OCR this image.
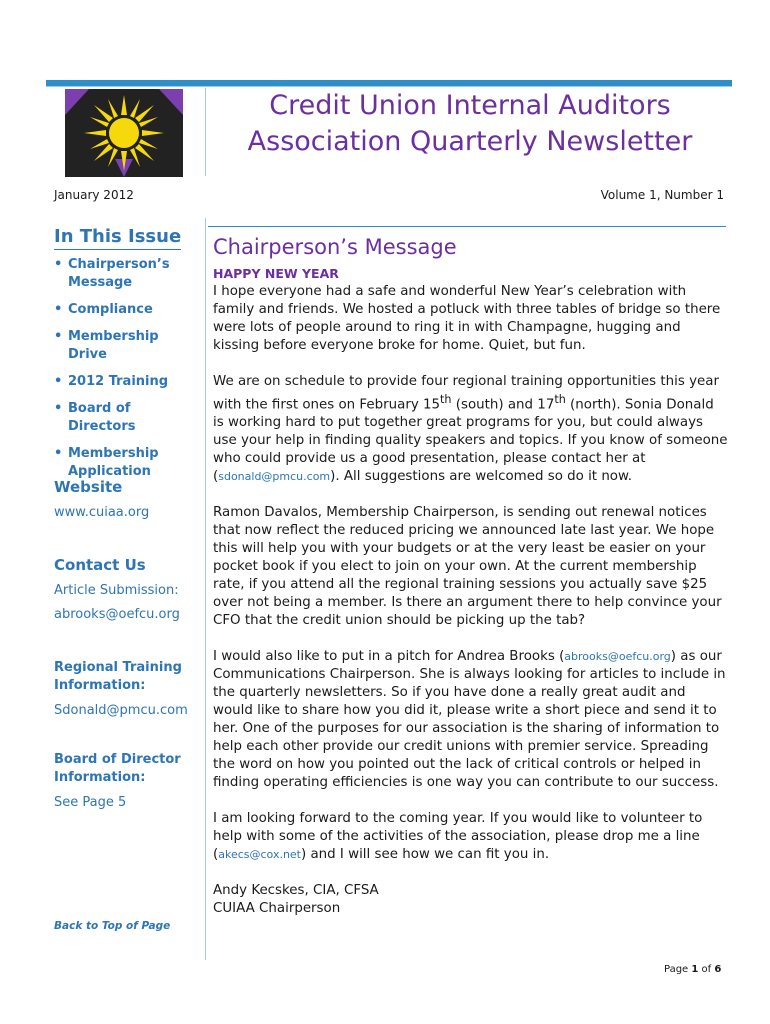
Credit Union Internal Auditors
Association Quarterly Newsletter
January 2012	Volume 1, Number 1
In This Issue
• Chairperson’s Message
• Compliance
• Membership Drive
• 2012 Training
• Board of Directors
• Membership Application
Website

www.cuiaa.org

Contact Us

Article Submission:

abrooks@oefcu.org

Regional Training Information:

Sdonald@pmcu.com

Board of Director Information:

See Page 5

Back to Top of Page
Chairperson’s Message
HAPPY NEW YEAR

I hope everyone had a safe and wonderful New Year’s celebration with family and friends. We hosted a potluck with three tables of bridge so there were lots of people around to ring it in with Champagne, hugging and kissing before everyone broke for home. Quiet, but fun.

We are on schedule to provide four regional training opportunities this year with the first ones on February 15th (south) and 17th (north). Sonia Donald is working hard to put together great programs for you, but could always use your help in finding quality speakers and topics. If you know of someone who could provide us a good presentation, please contact her at (sdonald@pmcu.com). All suggestions are welcomed so do it now.

Ramon Davalos, Membership Chairperson, is sending out renewal notices that now reflect the reduced pricing we announced late last year. We hope this will help you with your budgets or at the very least be easier on your pocket book if you elect to join on your own. At the current membership rate, if you attend all the regional training sessions you actually save $25 over not being a member. Is there an argument there to help convince your CFO that the credit union should be picking up the tab?

I would also like to put in a pitch for Andrea Brooks (abrooks@oefcu.org) as our Communications Chairperson. She is always looking for articles to include in the quarterly newsletters. So if you have done a really great audit and would like to share how you did it, please write a short piece and send it to her. One of the purposes for our association is the sharing of information to help each other provide our credit unions with premier service. Spreading the word on how you pointed out the lack of critical controls or helped in finding operating efficiencies is one way you can contribute to our success.

I am looking forward to the coming year. If you would like to volunteer to help with some of the activities of the association, please drop me a line (akecs@cox.net) and I will see how we can fit you in.

Andy Kecskes, CIA, CFSA
CUIAA Chairperson
Page 1 of 6
